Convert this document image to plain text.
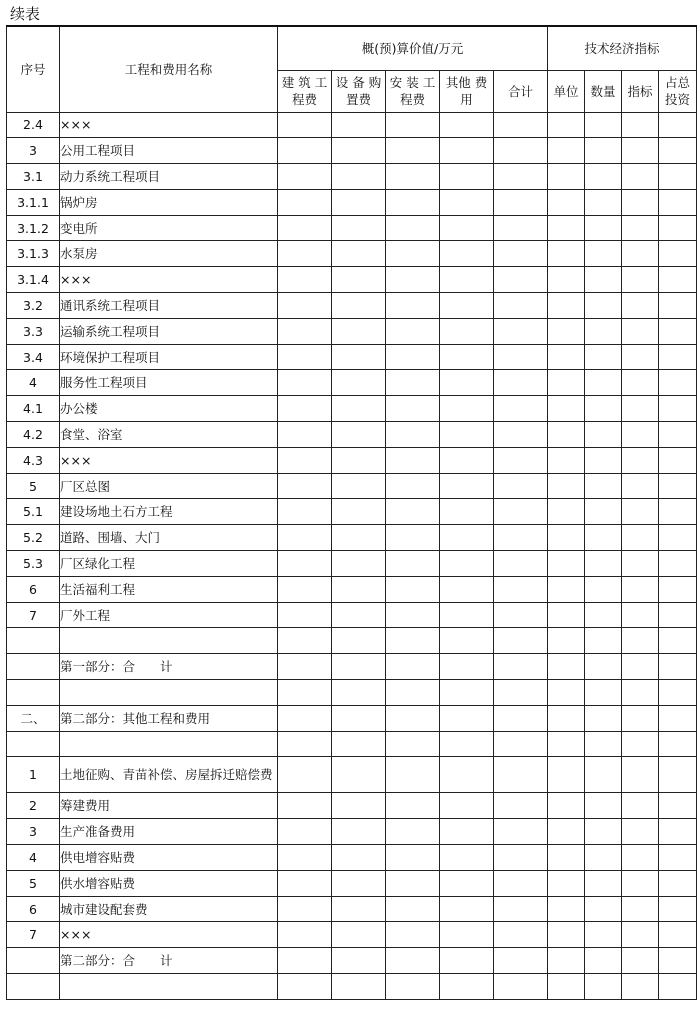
续表
序号	工程和费用名称	概(预)算价值/万元					技术经济指标			
		建 筑 工程费	设 备 购置费	安 装 工程费	其他 费用	合计	单位	数量	指标	占总 投资
2.4	×××									
3	公用工程项目									
3.1	动力系统工程项目									
3.1.1	锅炉房									
3.1.2	变电所									
3.1.3	水泵房									
3.1.4	×××									
3.2	通讯系统工程项目									
3.3	运输系统工程项目									
3.4	环境保护工程项目									
4	服务性工程项目									
4.1	办公楼									
4.2	食堂、浴室									
4.3	×××									
5	厂区总图									
5.1	建设场地土石方工程									
5.2	道路、围墙、大门									
5.3	厂区绿化工程									
6	生活福利工程									
7	厂外工程									

	第一部分：合　　计									

二、	第二部分：其他工程和费用									

1	土地征购、青苗补偿、房屋拆迁赔偿费									
2	筹建费用									
3	生产准备费用									
4	供电增容贴费									
5	供水增容贴费									
6	城市建设配套费									
7	×××									
	第二部分：合　　计									
